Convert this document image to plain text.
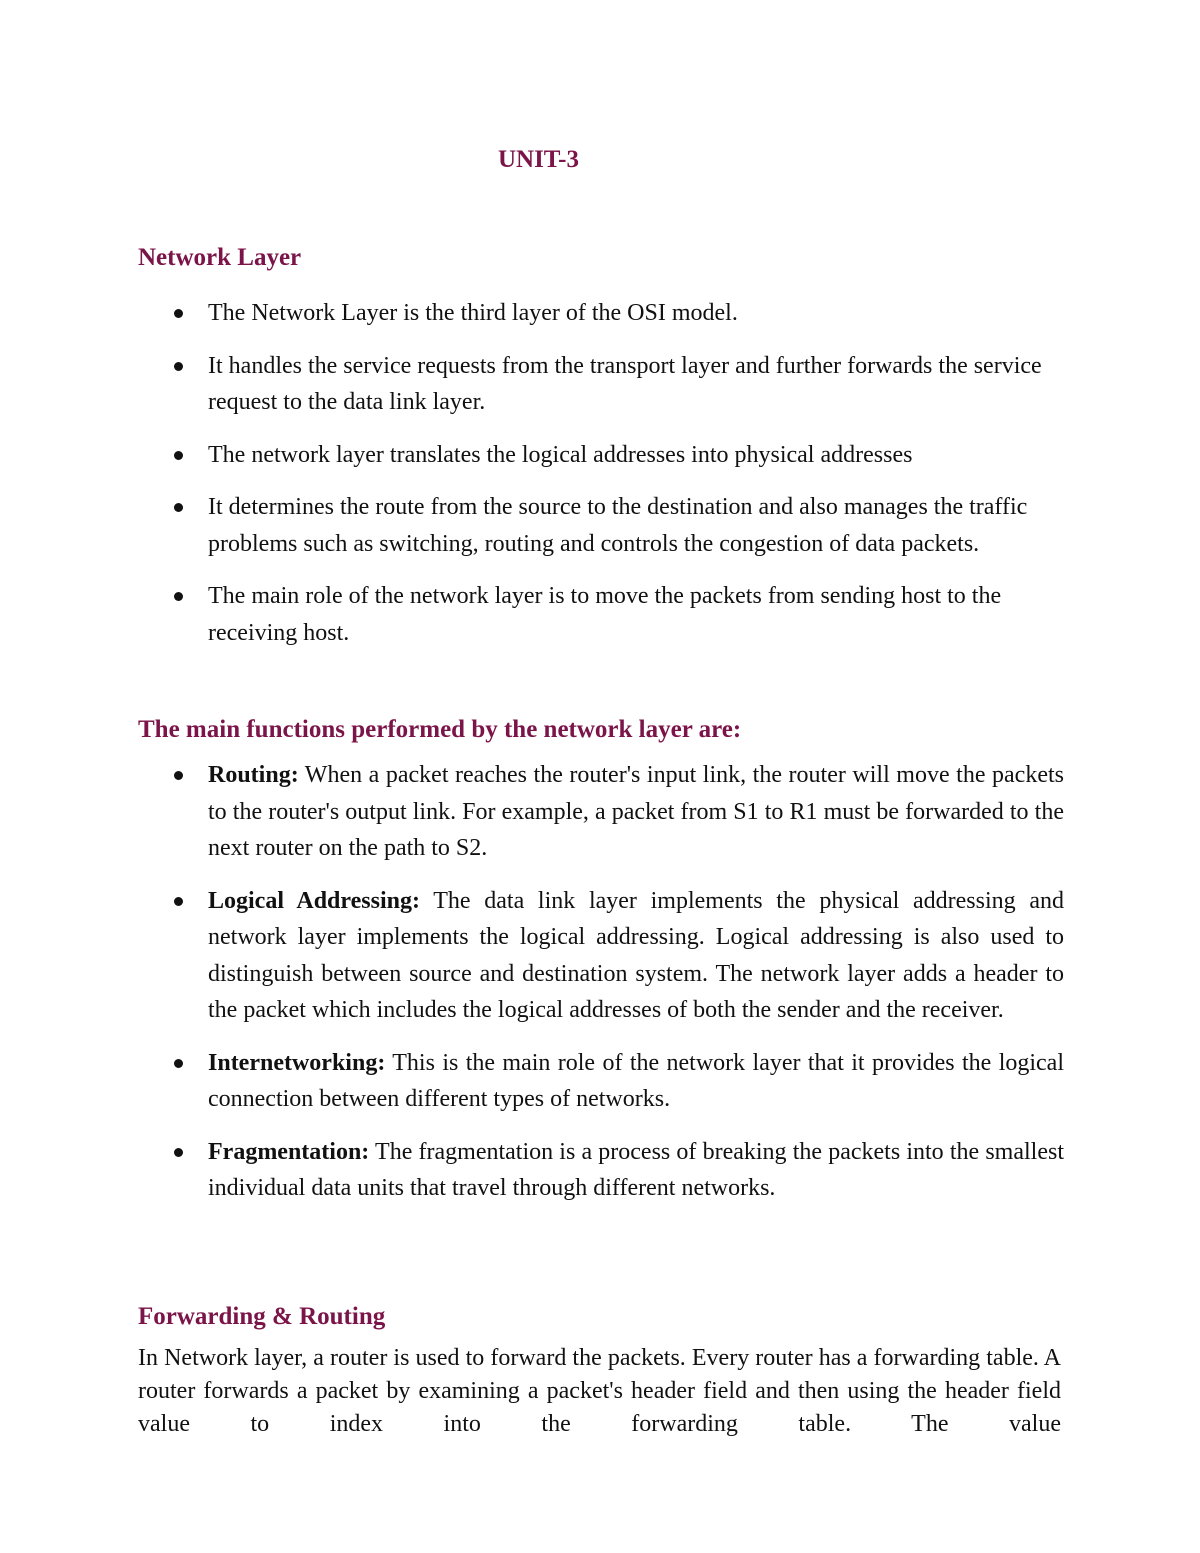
UNIT-3
Network Layer
The Network Layer is the third layer of the OSI model.
It handles the service requests from the transport layer and further forwards the service request to the data link layer.
The network layer translates the logical addresses into physical addresses
It determines the route from the source to the destination and also manages the traffic problems such as switching, routing and controls the congestion of data packets.
The main role of the network layer is to move the packets from sending host to the receiving host.
The main functions performed by the network layer are:
Routing: When a packet reaches the router's input link, the router will move the packets to the router's output link. For example, a packet from S1 to R1 must be forwarded to the next router on the path to S2.
Logical Addressing: The data link layer implements the physical addressing and network layer implements the logical addressing. Logical addressing is also used to distinguish between source and destination system. The network layer adds a header to the packet which includes the logical addresses of both the sender and the receiver.
Internetworking: This is the main role of the network layer that it provides the logical connection between different types of networks.
Fragmentation: The fragmentation is a process of breaking the packets into the smallest individual data units that travel through different networks.
Forwarding & Routing

In Network layer, a router is used to forward the packets. Every router has a forwarding table. A router forwards a packet by examining a packet's header field and then using the header field value to index into the forwarding table. The value
